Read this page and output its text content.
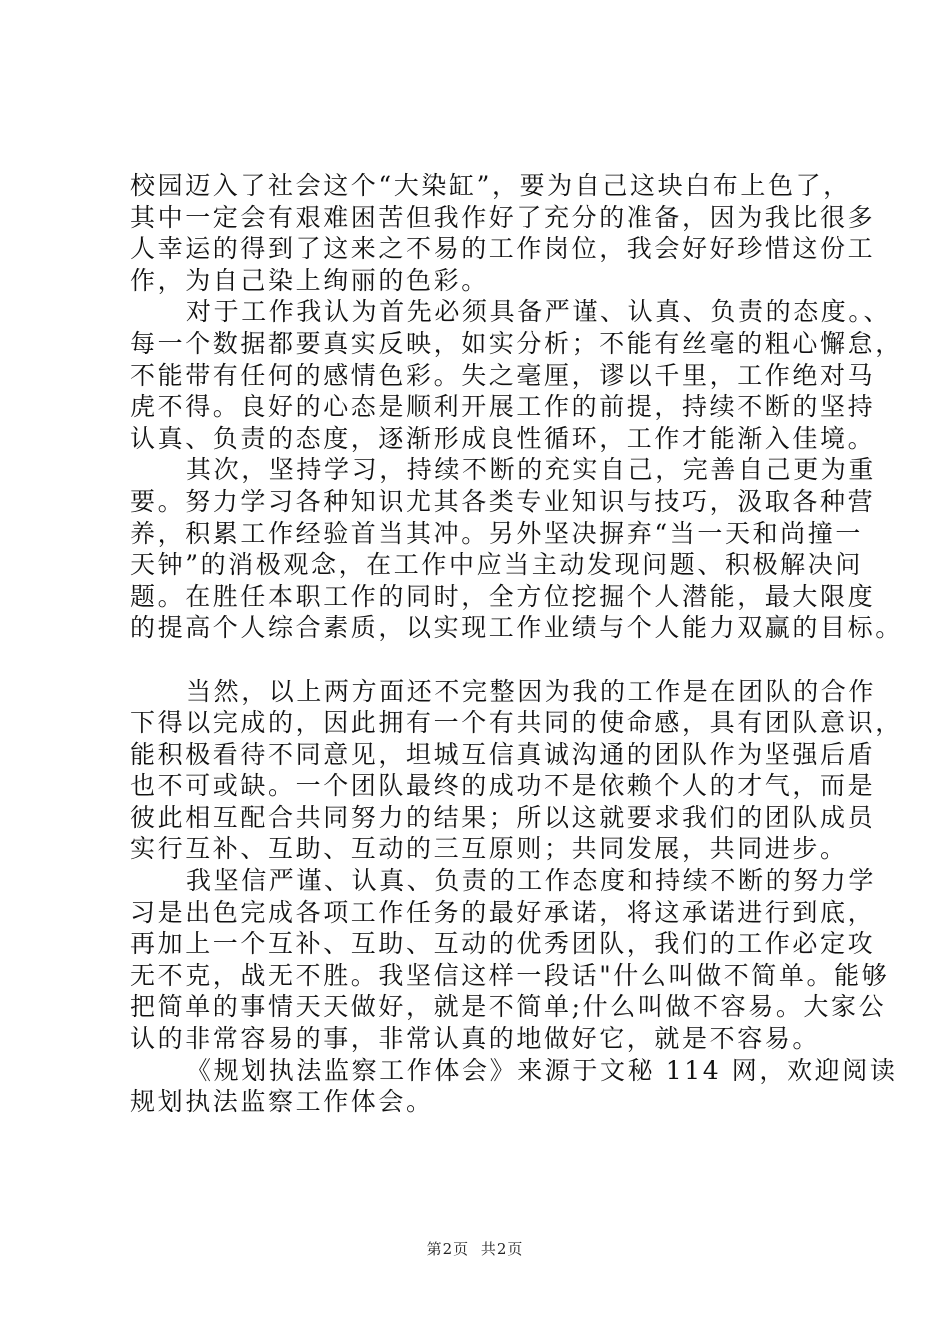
校园迈入了社会这个“大染缸”，要为自己这块白布上色了，
其中一定会有艰难困苦但我作好了充分的准备，因为我比很多
人幸运的得到了这来之不易的工作岗位，我会好好珍惜这份工
作，为自己染上绚丽的色彩。
对于工作我认为首先必须具备严谨、认真、负责的态度。、
每一个数据都要真实反映，如实分析；不能有丝毫的粗心懈怠，
不能带有任何的感情色彩。失之毫厘，谬以千里，工作绝对马
虎不得。良好的心态是顺利开展工作的前提，持续不断的坚持
认真、负责的态度，逐渐形成良性循环，工作才能渐入佳境。
其次，坚持学习，持续不断的充实自己，完善自己更为重
要。努力学习各种知识尤其各类专业知识与技巧，汲取各种营
养，积累工作经验首当其冲。另外坚决摒弃“当一天和尚撞一
天钟”的消极观念，在工作中应当主动发现问题、积极解决问
题。在胜任本职工作的同时，全方位挖掘个人潜能，最大限度
的提高个人综合素质，以实现工作业绩与个人能力双赢的目标。
当然，以上两方面还不完整因为我的工作是在团队的合作
下得以完成的，因此拥有一个有共同的使命感，具有团队意识，
能积极看待不同意见，坦城互信真诚沟通的团队作为坚强后盾
也不可或缺。一个团队最终的成功不是依赖个人的才气，而是
彼此相互配合共同努力的结果；所以这就要求我们的团队成员
实行互补、互助、互动的三互原则；共同发展，共同进步。
我坚信严谨、认真、负责的工作态度和持续不断的努力学
习是出色完成各项工作任务的最好承诺，将这承诺进行到底，
再加上一个互补、互助、互动的优秀团队，我们的工作必定攻
无不克，战无不胜。我坚信这样一段话"什么叫做不简单。能够
把简单的事情天天做好，就是不简单;什么叫做不容易。大家公
认的非常容易的事，非常认真的地做好它，就是不容易。
《规划执法监察工作体会》来源于文秘 114 网，欢迎阅读
规划执法监察工作体会。
第2页 共2页
